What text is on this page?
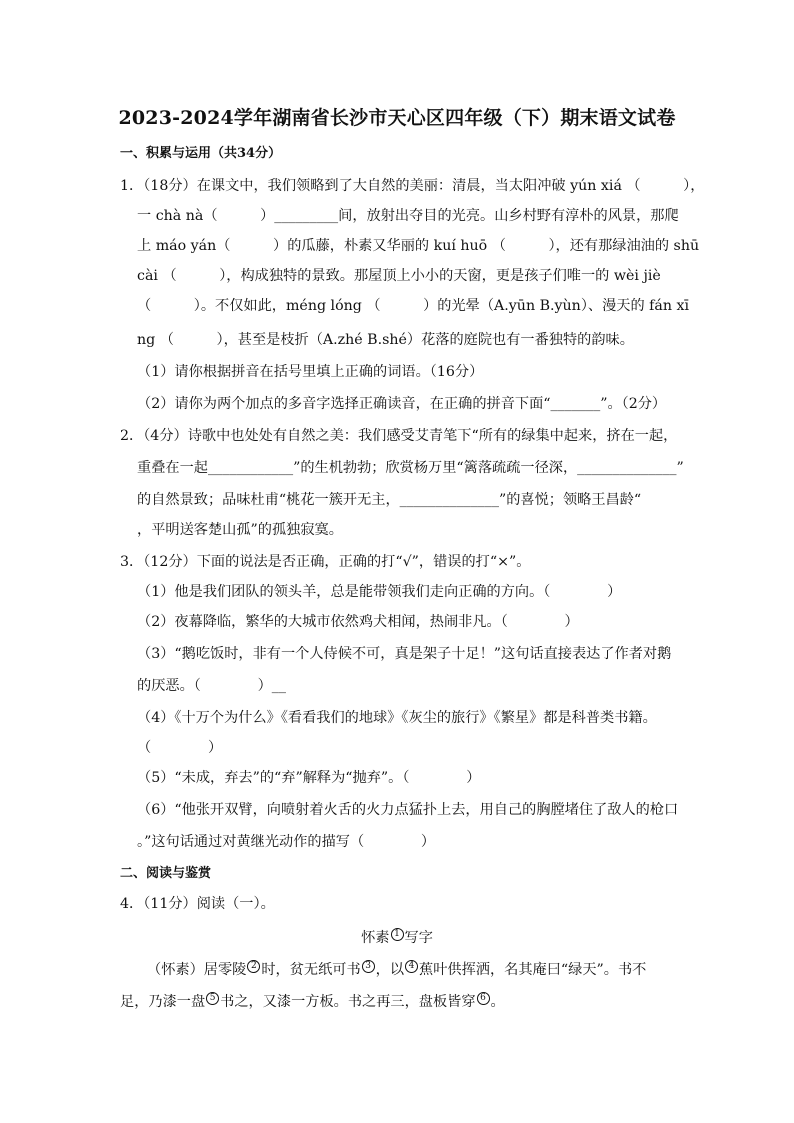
2023-2024学年湖南省长沙市天心区四年级（下）期末语文试卷
一、积累与运用（共34分）
1．（18分）在课文中，我们领略到了大自然的美丽：清晨，当太阳冲破 yún xiá （　　　），
一 chà nà（　　　）_________间，放射出夺目的光亮。山乡村野有淳朴的风景，那爬
上 máo yán（　　　）的瓜藤，朴素又华丽的 kuí huō （　　　），还有那绿油油的 shū
cài （　　　），构成独特的景致。那屋顶上小小的天窗，更是孩子们唯一的 wèi jiè
（　　　）。不仅如此，méng lóng （　　　）的光晕（A.yūn B.yùn）、漫天的 fán xī
ng （　　　），甚至是枝折（A.zhé B.shé）花落的庭院也有一番独特的韵味。
（1）请你根据拼音在括号里填上正确的词语。（16分）
（2）请你为两个加点的多音字选择正确读音，在正确的拼音下面“_______”。（2分）
2．（4分）诗歌中也处处有自然之美：我们感受艾青笔下“所有的绿集中起来，挤在一起，
重叠在一起____________”的生机勃勃；欣赏杨万里“篱落疏疏一径深，______________”
的自然景致；品味杜甫“桃花一簇开无主，______________”的喜悦；领略王昌龄“
，平明送客楚山孤”的孤独寂寞。
3．（12分）下面的说法是否正确，正确的打“√”，错误的打“×”。
（1）他是我们团队的领头羊，总是能带领我们走向正确的方向。（　　　　）
（2）夜幕降临，繁华的大城市依然鸡犬相闻，热闹非凡。（　　　　）
（3）“鹅吃饭时，非有一个人侍候不可，真是架子十足！”这句话直接表达了作者对鹅
的厌恶。（　　　　）__
（4）《十万个为什么》《看看我们的地球》《灰尘的旅行》《繁星》都是科普类书籍。
（　　　　）
（5）“未成，弃去”的“弃”解释为“抛弃”。（　　　　）
（6）“他张开双臂，向喷射着火舌的火力点猛扑上去，用自己的胸膛堵住了敌人的枪口
。”这句话通过对黄继光动作的描写（　　　　）
二、阅读与鉴赏
4．（11分）阅读（一）。
怀素 1 写字
（怀素）居零陵 2 时，贫无纸可书 3 ，以 4 蕉叶供挥洒，名其庵曰“绿天”。书不
足，乃漆一盘 5 书之，又漆一方板。书之再三，盘板皆穿 6 。
